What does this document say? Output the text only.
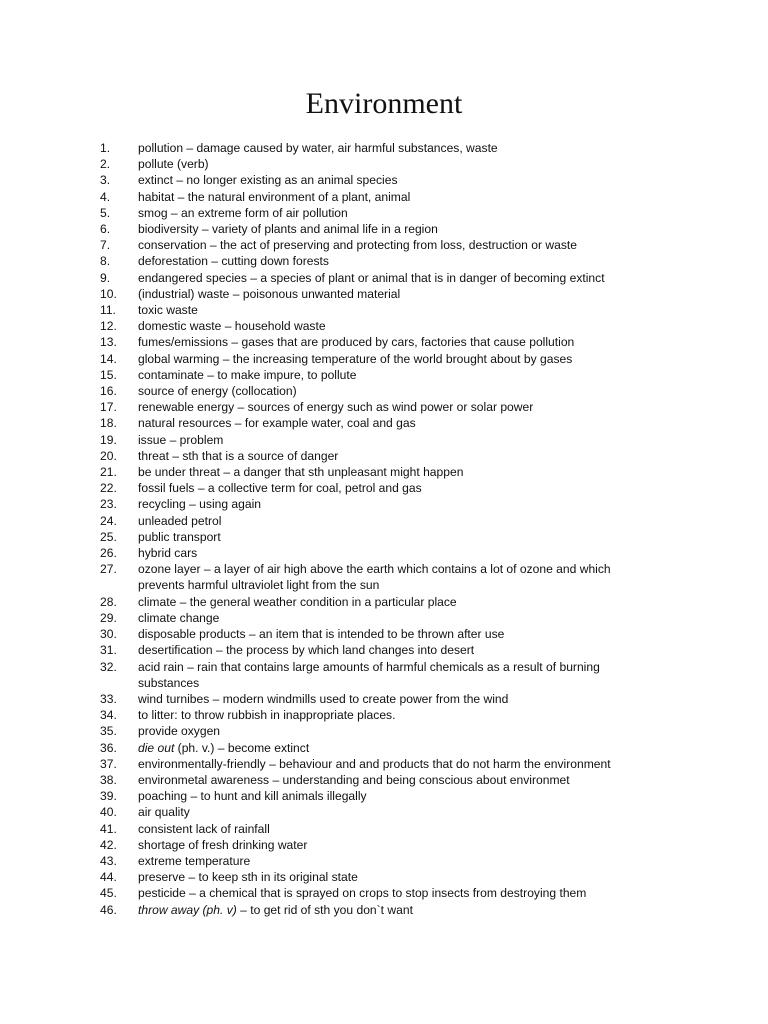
Environment
1.	pollution – damage caused by water, air harmful substances, waste
2.	pollute (verb)
3.	extinct – no longer existing as an animal species
4.	habitat – the natural environment of a plant, animal
5.	smog – an extreme form of air pollution
6.	biodiversity – variety of plants and animal life in a region
7.	conservation – the act of preserving and protecting from loss, destruction or waste
8.	deforestation – cutting down forests
9.	endangered species – a species of plant or animal that is in danger of becoming extinct
10.	(industrial) waste – poisonous unwanted material
11.	toxic waste
12.	domestic waste – household waste
13.	fumes/emissions – gases that are produced by cars, factories that cause pollution
14.	global warming – the increasing temperature of the world brought about by gases
15.	contaminate – to make impure, to pollute
16.	source of energy (collocation)
17.	renewable energy – sources of energy such as wind power or solar power
18.	natural resources – for example water, coal and gas
19.	issue – problem
20.	threat – sth that is a source of danger
21.	be under threat – a danger that sth unpleasant might happen
22.	fossil fuels – a collective term for coal, petrol and gas
23.	recycling – using again
24.	unleaded petrol
25.	public transport
26.	hybrid cars
27.	ozone layer – a layer of air high above the earth which contains a lot of ozone and which
prevents harmful ultraviolet light from the sun
28.	climate – the general weather condition in a particular place
29.	climate change
30.	disposable products – an item that is intended to be thrown after use
31.	desertification – the process by which land changes into desert
32.	acid rain – rain that contains large amounts of harmful chemicals as a result of burning
substances
33.	wind turnibes – modern windmills used to create power from the wind
34.	to litter: to throw rubbish in inappropriate places.
35.	provide oxygen
36.	die out (ph. v.) – become extinct
37.	environmentally-friendly – behaviour and and products that do not harm the environment
38.	environmetal awareness – understanding and being conscious about environmet
39.	poaching – to hunt and kill animals illegally
40.	air quality
41.	consistent lack of rainfall
42.	shortage of fresh drinking water
43.	extreme temperature
44.	preserve – to keep sth in its original state
45.	pesticide – a chemical that is sprayed on crops to stop insects from destroying them
46.	throw away (ph. v) – to get rid of sth you don`t want
